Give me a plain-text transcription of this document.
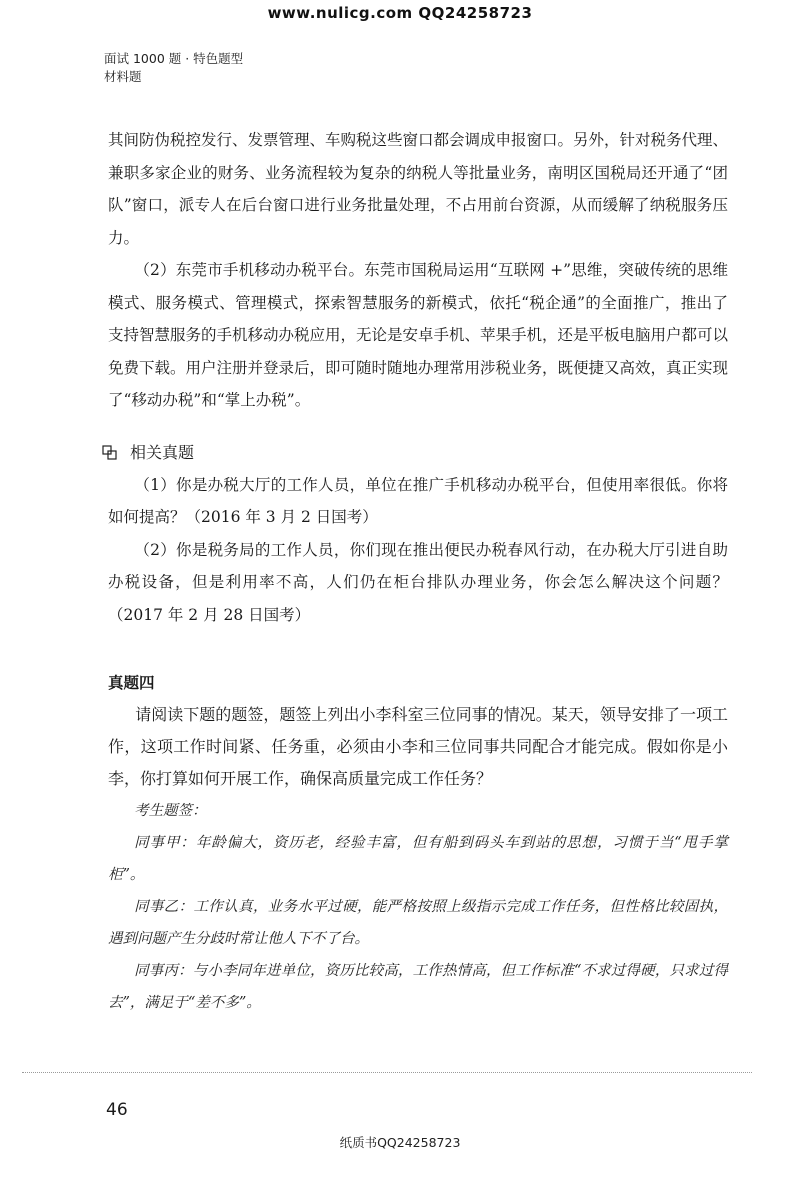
www.nulicg.com QQ24258723
面试 1000 题 · 特色题型
材料题

其间防伪税控发行、发票管理、车购税这些窗口都会调成申报窗口。另外，针对税务代理、兼职多家企业的财务、业务流程较为复杂的纳税人等批量业务，南明区国税局还开通了“团队”窗口，派专人在后台窗口进行业务批量处理，不占用前台资源，从而缓解了纳税服务压力。

（2）东莞市手机移动办税平台。东莞市国税局运用“互联网 +”思维，突破传统的思维模式、服务模式、管理模式，探索智慧服务的新模式，依托“税企通”的全面推广，推出了支持智慧服务的手机移动办税应用，无论是安卓手机、苹果手机，还是平板电脑用户都可以免费下载。用户注册并登录后，即可随时随地办理常用涉税业务，既便捷又高效，真正实现了“移动办税”和“掌上办税”。

相关真题

（1）你是办税大厅的工作人员，单位在推广手机移动办税平台，但使用率很低。你将如何提高？（2016 年 3 月 2 日国考）

（2）你是税务局的工作人员，你们现在推出便民办税春风行动，在办税大厅引进自助办税设备，但是利用率不高，人们仍在柜台排队办理业务，你会怎么解决这个问题？（2017 年 2 月 28 日国考）

真题四

请阅读下题的题签，题签上列出小李科室三位同事的情况。某天，领导安排了一项工作，这项工作时间紧、任务重，必须由小李和三位同事共同配合才能完成。假如你是小李，你打算如何开展工作，确保高质量完成工作任务？

考生题签：

同事甲：年龄偏大，资历老，经验丰富，但有船到码头车到站的思想，习惯于当“甩手掌柜”。

同事乙：工作认真，业务水平过硬，能严格按照上级指示完成工作任务，但性格比较固执，遇到问题产生分歧时常让他人下不了台。

同事丙：与小李同年进单位，资历比较高，工作热情高，但工作标准“不求过得硬，只求过得去”，满足于“差不多”。

46
纸质书QQ24258723
